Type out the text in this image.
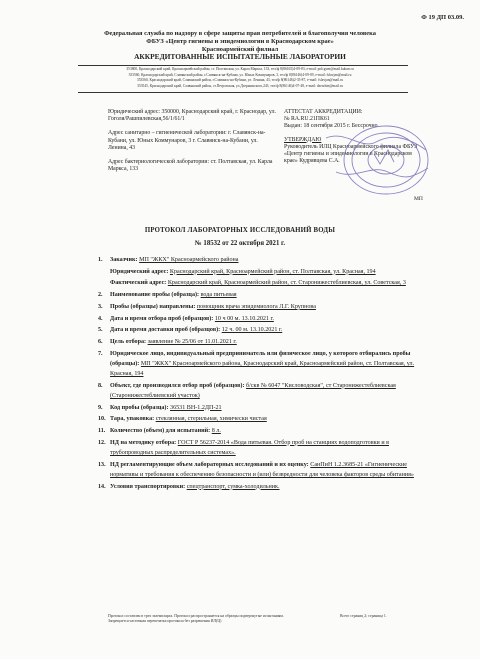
Ф 19 ДП 03.09.
Федеральная служба по надзору в сфере защиты прав потребителей и благополучия человека
ФБУЗ «Центр гигиены и эпидемиологии в Краснодарском крае»
Красноармейский филиал
АККРЕДИТОВАННЫЕ ИСПЫТАТЕЛЬНЫЕ ЛАБОРАТОРИИ
353800, Краснодарский край, Красноармейский район, ст. Полтавская, ул. Карла Маркса, 133, тел/ф 8(86165)4-09-83, e-mail: polcgsen@mail.kuban.ru
353560, Краснодарский край, Славянский район, г.Славянск-на-Кубани, ул. Юных Коммунаров, 3, тел/ф 8(86146)4-09-09, e-mail: fslavjan@mail.ru
353560, Краснодарский край, Славянский район, г.Славянск-на-Кубани, ул. Ленина, 43, тел/ф 8(86146)2-35-87, e-mail: fslavjan@mail.ru
353545, Краснодарский край, Славянский район, ст.Петровская, ул.Дзержинского,243, тел/ф 8(86146)4-07-48, e-mail: dzerzhin@mail.ru

Юридический адрес: 350000, Краснодарский край, г. Краснодар, ул. Гоголя/Рашпилевская,56/1/61/1

Адрес санитарно – гигиенической лаборатории: г. Славянск-на-Кубани, ул. Юных Коммунаров, 3 г. Славянск-на-Кубани, ул. Ленина, 43

Адрес бактериологической лаборатории: ст. Полтавская, ул. Карла Маркса, 133

АТТЕСТАТ АККРЕДИТАЦИИ:

№ RA.RU.21ПК61

Выдан: 18 сентября 2015 г. Бессрочно

УТВЕРЖДАЮ

Руководитель ИЛЦ Красноармейского филиала ФБУЗ «Центр гигиены и эпидемиологии в Краснодарском крае» Кудрявцева С.А.

МП
ПРОТОКОЛ ЛАБОРАТОРНЫХ ИССЛЕДОВАНИЙ ВОДЫ
№ 18532 от 22 октября 2021 г.
1.	Заказчик: МП "ЖКХ" Красноармейского района
Юридический адрес: Краснодарский край, Красноармейский район, ст. Полтавская, ул. Красная, 194
Фактический адрес: Краснодарский край, Красноармейский район, ст. Старонижестеблиевская, ул. Советская, 3
2.	Наименование пробы (образца): вода питьевая
3.	Пробы (образцы) направлены: помощник врача эпидемиолога Л.Г. Крупнова
4.	Дата и время отбора проб (образцов): 10 ч 00 м. 13.10.2021 г.
5.	Дата и время доставки проб (образцов): 12 ч. 00 м. 13.10.2021 г.
6.	Цель отбора: заявление № 25/06 от 11.01.2021 г.
7.	Юридическое лицо, индивидуальный предприниматель или физическое лицо, у которого отбирались пробы (образцы): МП "ЖКХ" Красноармейского района, Краснодарский край, Красноармейский район, ст. Полтавская, ул. Красная, 194
8.	Объект, где производился отбор проб (образцов): б/скв № 6047 "Кисловодская", ст Старонижестеблиевская (Старонижестеблиевский участок)
9.	Код пробы (образца): 36531 ВН-1.2ДП-21
10. Тара, упаковка: стеклянная, стерильная, химически чистая
11. Количество (объем) для испытаний: 8 л.
12. НД на методику отбора: ГОСТ Р 56237-2014 «Вода питьевая. Отбор проб на станциях водоподготовки и в трубопроводных распределительных системах».
13. НД регламентирующие объем лабораторных исследований и их оценку: СанПиН 1.2.3685-21 «Гигиенические нормативы и требования к обеспечению безопасности и (или) безвредности для человека факторов среды обитания»
14. Условия транспортировки: спецтранспорт, сумка-холодильник.
Протокол составлен в трех экземплярах. Протокол распространяется на образцы подвергнутые испытаниям.
Запрещается частичная перепечатка протокола без разрешения ИЛ(Ц)
Всего страниц 2; страница 1.
